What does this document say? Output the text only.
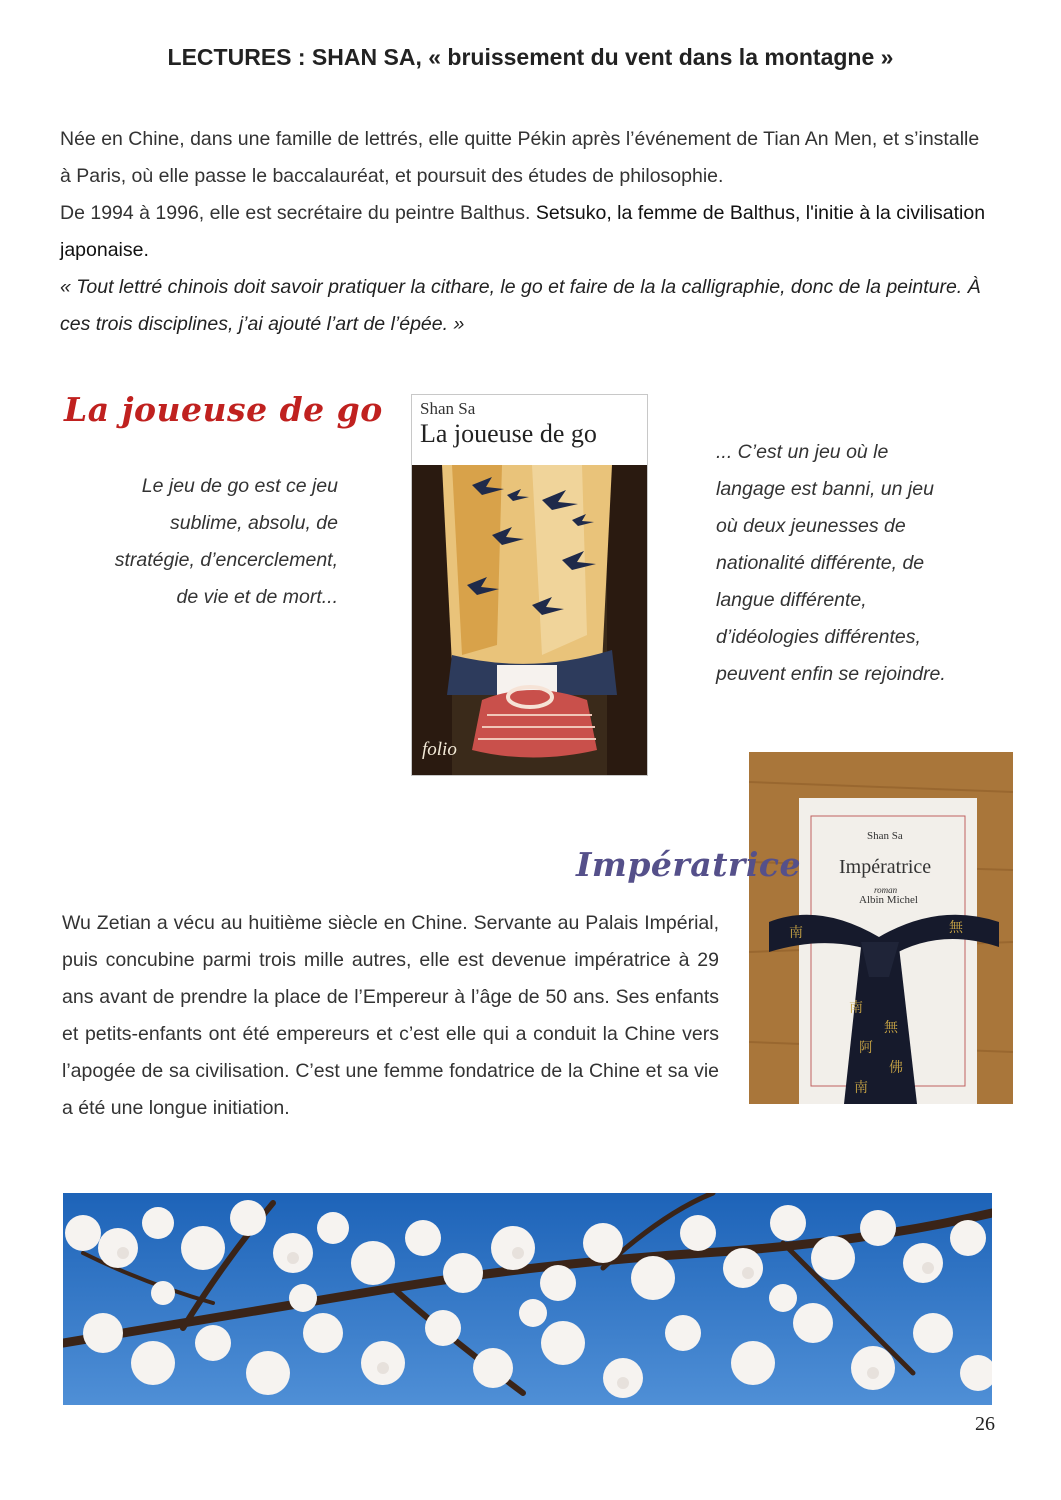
LECTURES : SHAN SA, « bruissement du vent dans la montagne »

Née en Chine, dans une famille de lettrés, elle quitte Pékin après l’événement de Tian An Men, et s’installe à Paris, où elle passe le baccalauréat, et poursuit des études de philosophie.

De 1994 à 1996, elle est secrétaire du peintre Balthus. Setsuko, la femme de Balthus, l'initie à la civilisation japonaise.

« Tout lettré chinois doit savoir pratiquer la cithare, le go et faire de la la calligraphie, donc de la peinture. À ces trois disciplines, j’ai ajouté l’art de l’épée. »

La joueuse de go
Le jeu de go est ce jeu
sublime, absolu, de
stratégie, d’encerclement,
de vie et de mort...
Shan Sa
La joueuse de go
folio
... C’est un jeu où le
langage est banni, un jeu
où deux jeunesses de
nationalité différente, de
langue différente,
d’idéologies différentes,
peuvent enfin se rejoindre.
南
無
阿
佛
南
南	無
Shan Sa
Impératrice
roman
Albin Michel
Impératrice
Wu Zetian a vécu au huitième siècle en Chine. Servante au Palais Impérial, puis concubine parmi trois mille autres, elle est devenue impératrice à 29 ans avant de prendre la place de l’Empereur à l’âge de 50 ans. Ses enfants et petits-enfants ont été empereurs et c’est elle qui a conduit la Chine vers l’apogée de sa civilisation. C’est une femme fondatrice de la Chine et sa vie a été une longue initiation.
26
